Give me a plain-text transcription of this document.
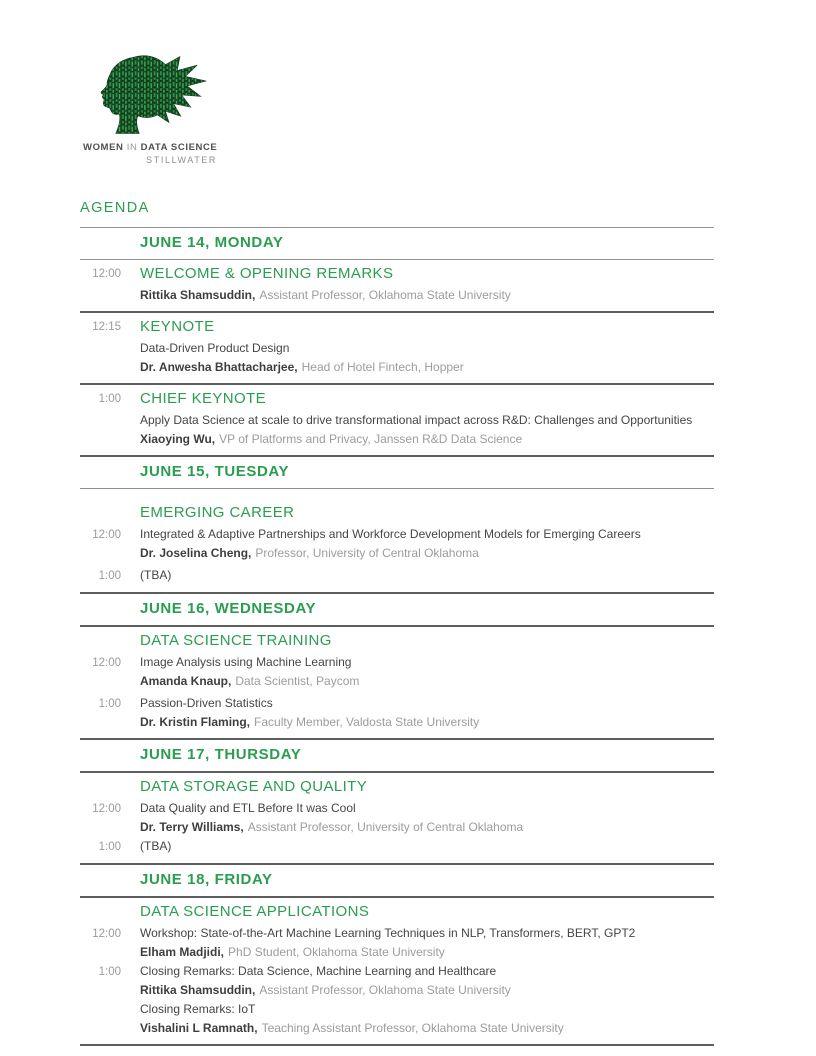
WOMEN IN DATA SCIENCE
STILLWATER
AGENDA
JUNE 14, MONDAY
12:00	WELCOME & OPENING REMARKS
Rittika Shamsuddin, Assistant Professor, Oklahoma State University
12:15	KEYNOTE
Data-Driven Product Design
Dr. Anwesha Bhattacharjee, Head of Hotel Fintech, Hopper
1:00	CHIEF KEYNOTE
Apply Data Science at scale to drive transformational impact across R&D: Challenges and Opportunities
Xiaoying Wu, VP of Platforms and Privacy, Janssen R&D Data Science
JUNE 15, TUESDAY
EMERGING CAREER
12:00	Integrated & Adaptive Partnerships and Workforce Development Models for Emerging Careers
Dr. Joselina Cheng, Professor, University of Central Oklahoma
1:00	(TBA)
JUNE 16, WEDNESDAY
DATA SCIENCE TRAINING
12:00	Image Analysis using Machine Learning
Amanda Knaup, Data Scientist, Paycom
1:00	Passion-Driven Statistics
Dr. Kristin Flaming, Faculty Member, Valdosta State University
JUNE 17, THURSDAY
DATA STORAGE AND QUALITY
12:00	Data Quality and ETL Before It was Cool
Dr. Terry Williams, Assistant Professor, University of Central Oklahoma
1:00	(TBA)
JUNE 18, FRIDAY
DATA SCIENCE APPLICATIONS
12:00	Workshop: State-of-the-Art Machine Learning Techniques in NLP, Transformers, BERT, GPT2
Elham Madjidi, PhD Student, Oklahoma State University
1:00	Closing Remarks: Data Science, Machine Learning and Healthcare
Rittika Shamsuddin, Assistant Professor, Oklahoma State University
Closing Remarks: IoT
Vishalini L Ramnath, Teaching Assistant Professor, Oklahoma State University
